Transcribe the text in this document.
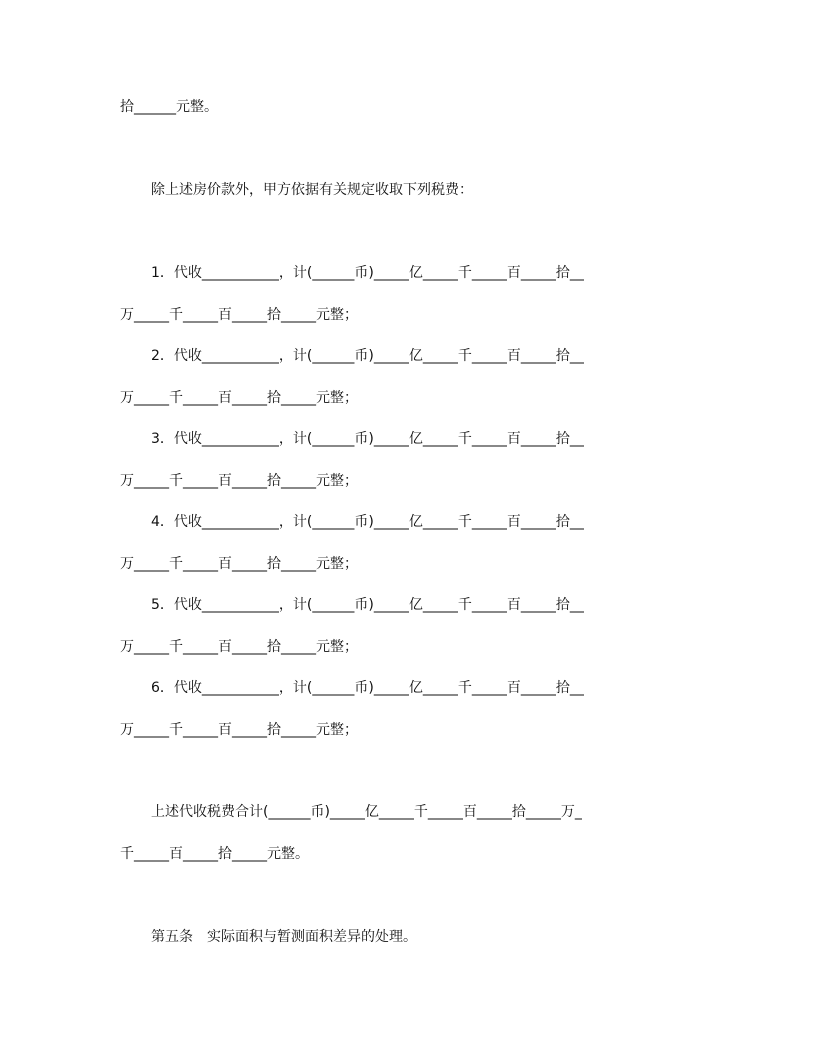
拾______元整。
除上述房价款外，甲方依据有关规定收取下列税费：
1．代收___________，计(______币)_____亿_____千_____百_____拾__
万_____千_____百_____拾_____元整；
2．代收___________，计(______币)_____亿_____千_____百_____拾__
万_____千_____百_____拾_____元整；
3．代收___________，计(______币)_____亿_____千_____百_____拾__
万_____千_____百_____拾_____元整；
4．代收___________，计(______币)_____亿_____千_____百_____拾__
万_____千_____百_____拾_____元整；
5．代收___________，计(______币)_____亿_____千_____百_____拾__
万_____千_____百_____拾_____元整；
6．代收___________，计(______币)_____亿_____千_____百_____拾__
万_____千_____百_____拾_____元整；
上述代收税费合计(______币)_____亿_____千_____百_____拾_____万_
千_____百_____拾_____元整。
第五条　实际面积与暂测面积差异的处理。
